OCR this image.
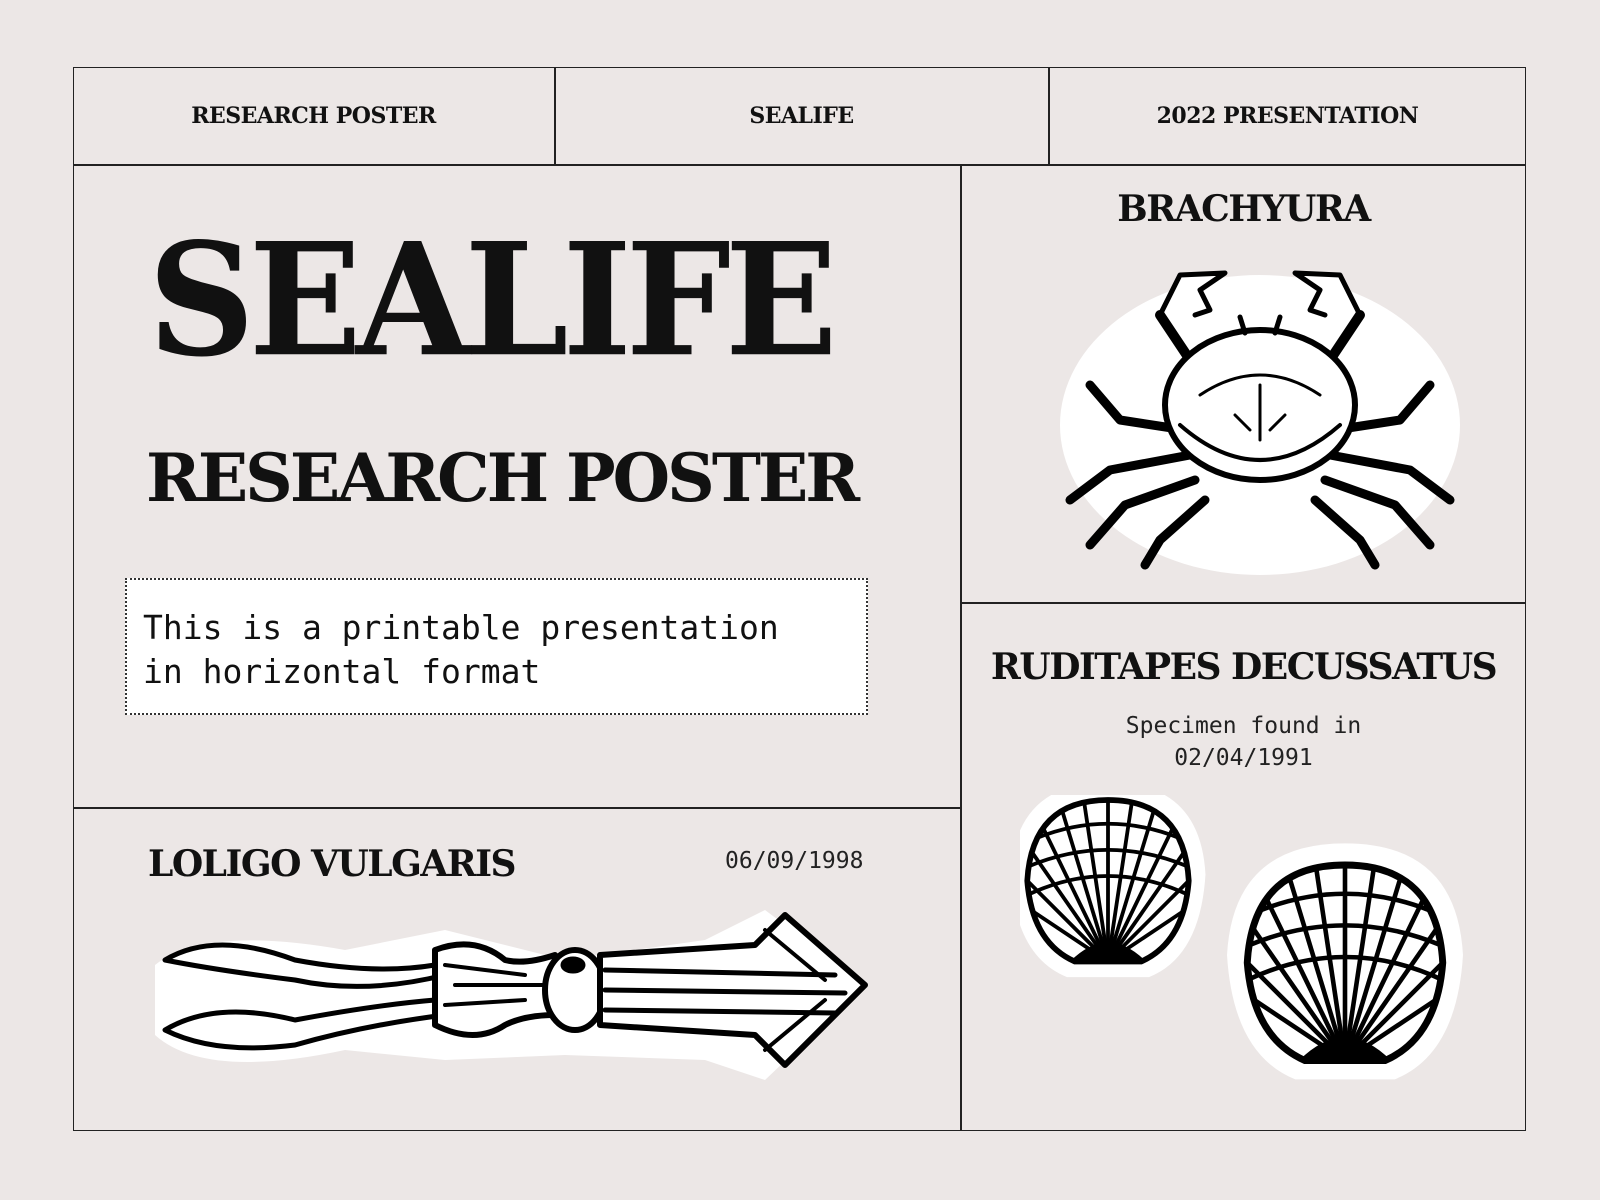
RESEARCH POSTER	SEALIFE	2022 PRESENTATION
SEALIFE
RESEARCH POSTER
This is a printable presentation
in horizontal format
BRACHYURA
LOLIGO VULGARIS	06/09/1998
RUDITAPES DECUSSATUS
Specimen found in
02/04/1991
